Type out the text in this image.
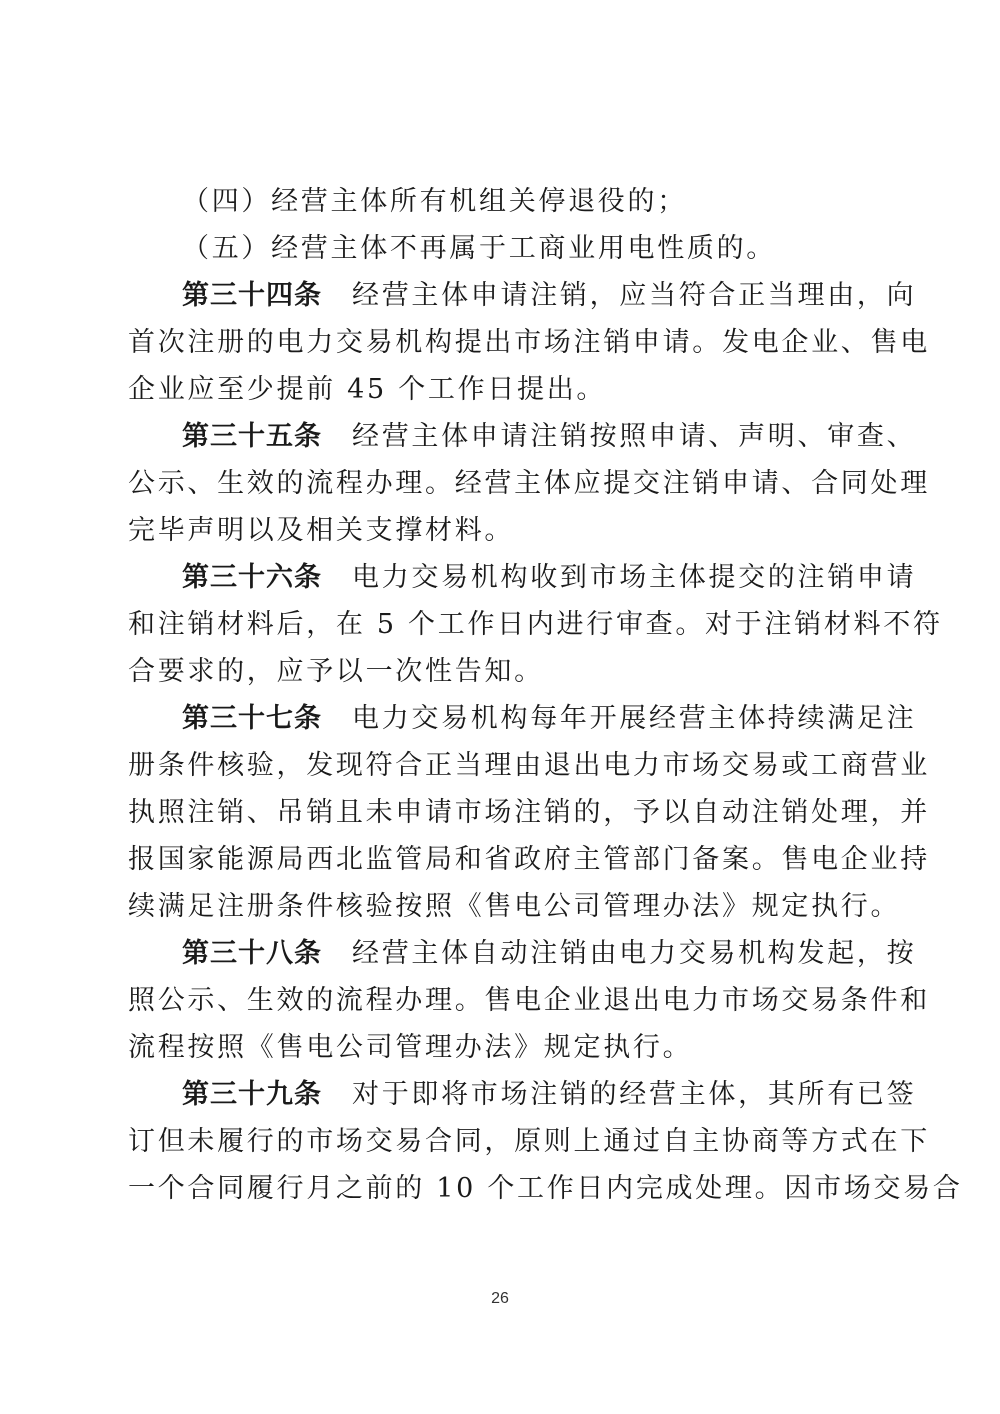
（四）经营主体所有机组关停退役的；
（五）经营主体不再属于工商业用电性质的。
第三十四条 经营主体申请注销，应当符合正当理由，向
首次注册的电力交易机构提出市场注销申请。发电企业、售电
企业应至少提前 45 个工作日提出。
第三十五条 经营主体申请注销按照申请、声明、审查、
公示、生效的流程办理。经营主体应提交注销申请、合同处理
完毕声明以及相关支撑材料。
第三十六条 电力交易机构收到市场主体提交的注销申请
和注销材料后，在 5 个工作日内进行审查。对于注销材料不符
合要求的，应予以一次性告知。
第三十七条 电力交易机构每年开展经营主体持续满足注
册条件核验，发现符合正当理由退出电力市场交易或工商营业
执照注销、吊销且未申请市场注销的，予以自动注销处理，并
报国家能源局西北监管局和省政府主管部门备案。售电企业持
续满足注册条件核验按照《售电公司管理办法》规定执行。
第三十八条 经营主体自动注销由电力交易机构发起，按
照公示、生效的流程办理。售电企业退出电力市场交易条件和
流程按照《售电公司管理办法》规定执行。
第三十九条 对于即将市场注销的经营主体，其所有已签
订但未履行的市场交易合同，原则上通过自主协商等方式在下
一个合同履行月之前的 10 个工作日内完成处理。因市场交易合
26
